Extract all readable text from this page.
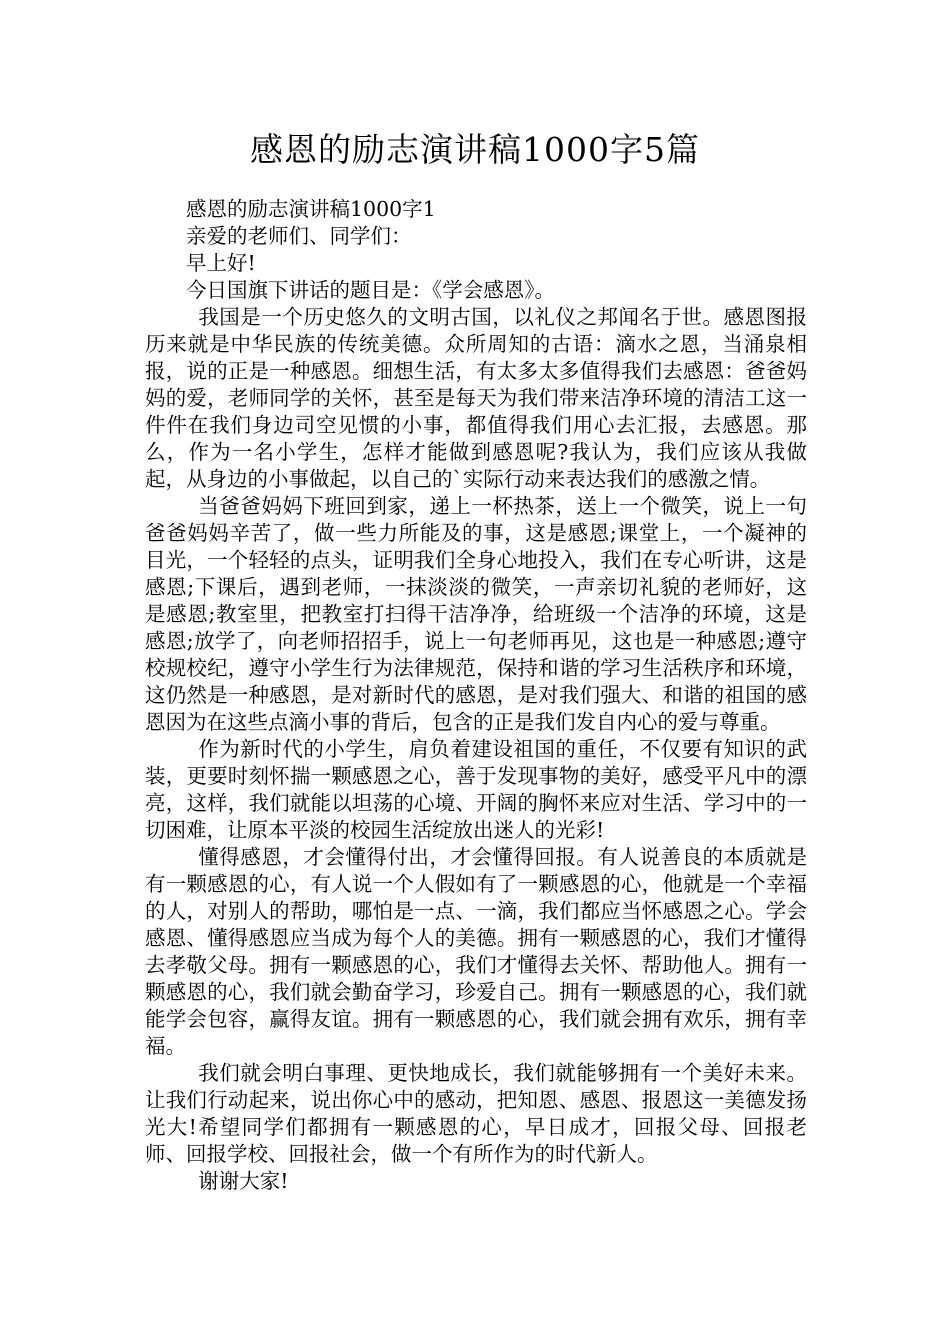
感恩的励志演讲稿1000字5篇

感恩的励志演讲稿1000字1

亲爱的老师们、同学们：

早上好!

今日国旗下讲话的题目是：《学会感恩》。

我国是一个历史悠久的文明古国，以礼仪之邦闻名于世。感恩图报历来就是中华民族的传统美德。众所周知的古语：滴水之恩，当涌泉相报，说的正是一种感恩。细想生活，有太多太多值得我们去感恩：爸爸妈妈的爱，老师同学的关怀，甚至是每天为我们带来洁净环境的清洁工这一件件在我们身边司空见惯的小事，都值得我们用心去汇报，去感恩。那么，作为一名小学生，怎样才能做到感恩呢?我认为，我们应该从我做起，从身边的小事做起，以自己的`实际行动来表达我们的感激之情。

当爸爸妈妈下班回到家，递上一杯热茶，送上一个微笑，说上一句爸爸妈妈辛苦了，做一些力所能及的事，这是感恩;课堂上，一个凝神的目光，一个轻轻的点头，证明我们全身心地投入，我们在专心听讲，这是感恩;下课后，遇到老师，一抹淡淡的微笑，一声亲切礼貌的老师好，这是感恩;教室里，把教室打扫得干洁净净，给班级一个洁净的环境，这是感恩;放学了，向老师招招手，说上一句老师再见，这也是一种感恩;遵守校规校纪，遵守小学生行为法律规范，保持和谐的学习生活秩序和环境，这仍然是一种感恩，是对新时代的感恩，是对我们强大、和谐的祖国的感恩因为在这些点滴小事的背后，包含的正是我们发自内心的爱与尊重。

作为新时代的小学生，肩负着建设祖国的重任，不仅要有知识的武装，更要时刻怀揣一颗感恩之心，善于发现事物的美好，感受平凡中的漂亮，这样，我们就能以坦荡的心境、开阔的胸怀来应对生活、学习中的一切困难，让原本平淡的校园生活绽放出迷人的光彩!

懂得感恩，才会懂得付出，才会懂得回报。有人说善良的本质就是有一颗感恩的心，有人说一个人假如有了一颗感恩的心，他就是一个幸福的人，对别人的帮助，哪怕是一点、一滴，我们都应当怀感恩之心。学会感恩、懂得感恩应当成为每个人的美德。拥有一颗感恩的心，我们才懂得去孝敬父母。拥有一颗感恩的心，我们才懂得去关怀、帮助他人。拥有一颗感恩的心，我们就会勤奋学习，珍爱自己。拥有一颗感恩的心，我们就能学会包容，赢得友谊。拥有一颗感恩的心，我们就会拥有欢乐，拥有幸福。

我们就会明白事理、更快地成长，我们就能够拥有一个美好未来。让我们行动起来，说出你心中的感动，把知恩、感恩、报恩这一美德发扬光大!希望同学们都拥有一颗感恩的心，早日成才，回报父母、回报老师、回报学校、回报社会，做一个有所作为的时代新人。

谢谢大家!
